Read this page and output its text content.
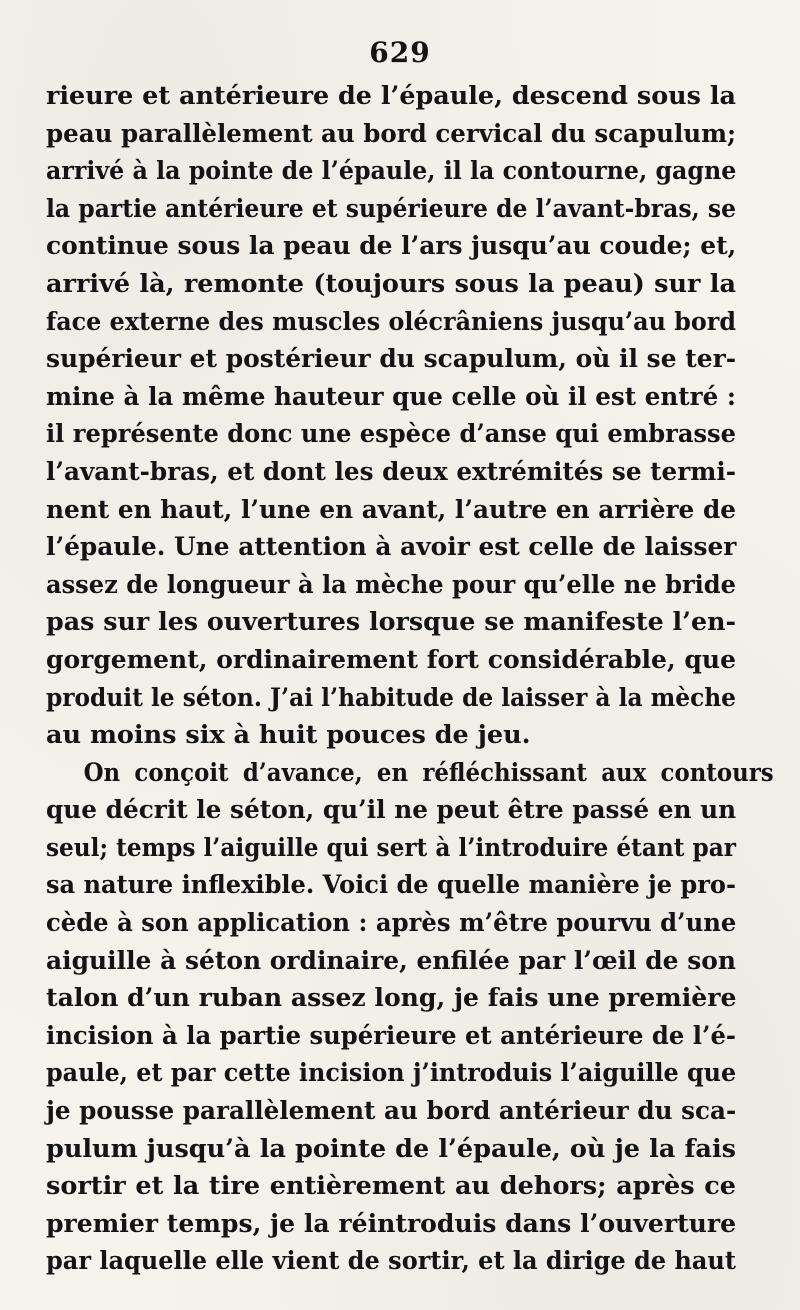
629
rieure et antérieure de l’épaule, descend sous la
peau parallèlement au bord cervical du scapulum;
arrivé à la pointe de l’épaule, il la contourne, gagne
la partie antérieure et supérieure de l’avant-bras, se
continue sous la peau de l’ars jusqu’au coude; et,
arrivé là, remonte (toujours sous la peau) sur la
face externe des muscles olécrâniens jusqu’au bord
supérieur et postérieur du scapulum, où il se ter-
mine à la même hauteur que celle où il est entré :
il représente donc une espèce d’anse qui embrasse
l’avant-bras, et dont les deux extrémités se termi-
nent en haut, l’une en avant, l’autre en arrière de
l’épaule. Une attention à avoir est celle de laisser
assez de longueur à la mèche pour qu’elle ne bride
pas sur les ouvertures lorsque se manifeste l’en-
gorgement, ordinairement fort considérable, que
produit le séton. J’ai l’habitude de laisser à la mèche
au moins six à huit pouces de jeu.
On conçoit d’avance, en réfléchissant aux contours
que décrit le séton, qu’il ne peut être passé en un
seul; temps l’aiguille qui sert à l’introduire étant par
sa nature inflexible. Voici de quelle manière je pro-
cède à son application : après m’être pourvu d’une
aiguille à séton ordinaire, enfilée par l’œil de son
talon d’un ruban assez long, je fais une première
incision à la partie supérieure et antérieure de l’é-
paule, et par cette incision j’introduis l’aiguille que
je pousse parallèlement au bord antérieur du sca-
pulum jusqu’à la pointe de l’épaule, où je la fais
sortir et la tire entièrement au dehors; après ce
premier temps, je la réintroduis dans l’ouverture
par laquelle elle vient de sortir, et la dirige de haut
